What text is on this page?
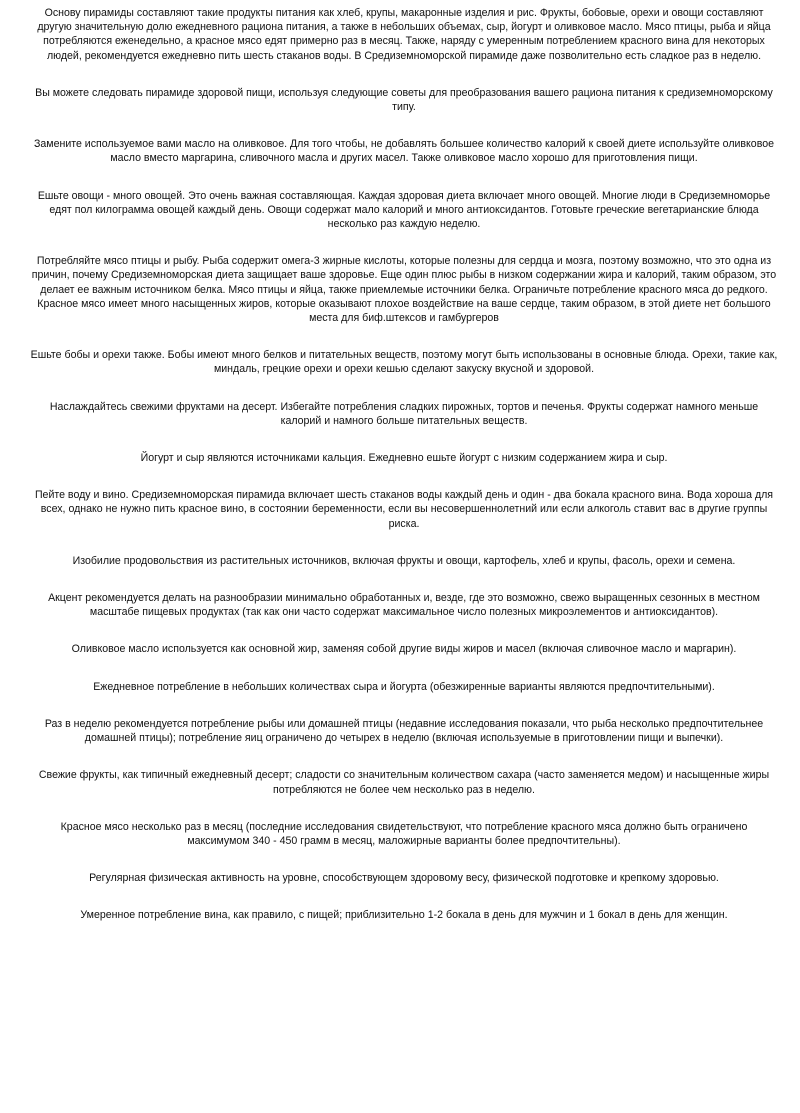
Основу пирамиды составляют такие продукты питания как хлеб, крупы, макаронные изделия и рис. Фрукты, бобовые, орехи и овощи составляют другую значительную долю ежедневного рациона питания, а также в небольших объемах, сыр, йогурт и оливковое масло. Мясо птицы, рыба и яйца потребляются еженедельно, а красное мясо едят примерно раз в месяц. Также, наряду с умеренным потреблением красного вина для некоторых людей, рекомендуется ежедневно пить шесть стаканов воды. В Средиземноморской пирамиде даже позволительно есть сладкое раз в неделю.

Вы можете следовать пирамиде здоровой пищи, используя следующие советы для преобразования вашего рациона питания к средиземноморскому типу.

Замените используемое вами масло на оливковое. Для того чтобы, не добавлять большее количество калорий к своей диете используйте оливковое масло вместо маргарина, сливочного масла и других масел. Также оливковое масло хорошо для приготовления пищи.

Ешьте овощи - много овощей. Это очень важная составляющая. Каждая здоровая диета включает много овощей. Многие люди в Средиземноморье едят пол килограмма овощей каждый день. Овощи содержат мало калорий и много антиоксидантов. Готовьте греческие вегетарианские блюда несколько раз каждую неделю.

Потребляйте мясо птицы и рыбу. Рыба содержит омега-3 жирные кислоты, которые полезны для сердца и мозга, поэтому возможно, что это одна из причин, почему Средиземноморская диета защищает ваше здоровье. Еще один плюс рыбы в низком содержании жира и калорий, таким образом, это делает ее важным источником белка. Мясо птицы и яйца, также приемлемые источники белка. Ограничьте потребление красного мяса до редкого. Красное мясо имеет много насыщенных жиров, которые оказывают плохое воздействие на ваше сердце, таким образом, в этой диете нет большого места для биф.штексов и гамбургеров

Ешьте бобы и орехи также. Бобы имеют много белков и питательных веществ, поэтому могут быть использованы в основные блюда. Орехи, такие как, миндаль, грецкие орехи и орехи кешью сделают закуску вкусной и здоровой.

Наслаждайтесь свежими фруктами на десерт. Избегайте потребления сладких пирожных, тортов и печенья. Фрукты содержат намного меньше калорий и намного больше питательных веществ.

Йогурт и сыр являются источниками кальция. Ежедневно ешьте йогурт с низким содержанием жира и сыр.

Пейте воду и вино. Средиземноморская пирамида включает шесть стаканов воды каждый день и один - два бокала красного вина. Вода хороша для всех, однако не нужно пить красное вино, в состоянии беременности, если вы несовершеннолетний или если алкоголь ставит вас в другие группы риска.

Изобилие продовольствия из растительных источников, включая фрукты и овощи, картофель, хлеб и крупы, фасоль, орехи и семена.

Акцент рекомендуется делать на разнообразии минимально обработанных и, везде, где это возможно, свежо выращенных сезонных в местном масштабе пищевых продуктах (так как они часто содержат максимальное число полезных микроэлементов и антиоксидантов).

Оливковое масло используется как основной жир, заменяя собой другие виды жиров и масел (включая сливочное масло и маргарин).

Ежедневное потребление в небольших количествах сыра и йогурта (обезжиренные варианты являются предпочтительными).

Раз в неделю рекомендуется потребление рыбы или домашней птицы (недавние исследования показали, что рыба несколько предпочтительнее домашней птицы); потребление яиц ограничено до четырех в неделю (включая используемые в приготовлении пищи и выпечки).

Свежие фрукты, как типичный ежедневный десерт; сладости со значительным количеством сахара (часто заменяется медом) и насыщенные жиры потребляются не более чем несколько раз в неделю.

Красное мясо несколько раз в месяц (последние исследования свидетельствуют, что потребление красного мяса должно быть ограничено максимумом 340 - 450 грамм в месяц, маложирные варианты более предпочтительны).

Регулярная физическая активность на уровне, способствующем здоровому весу, физической подготовке и крепкому здоровью.

Умеренное потребление вина, как правило, с пищей; приблизительно 1-2 бокала в день для мужчин и 1 бокал в день для женщин.
